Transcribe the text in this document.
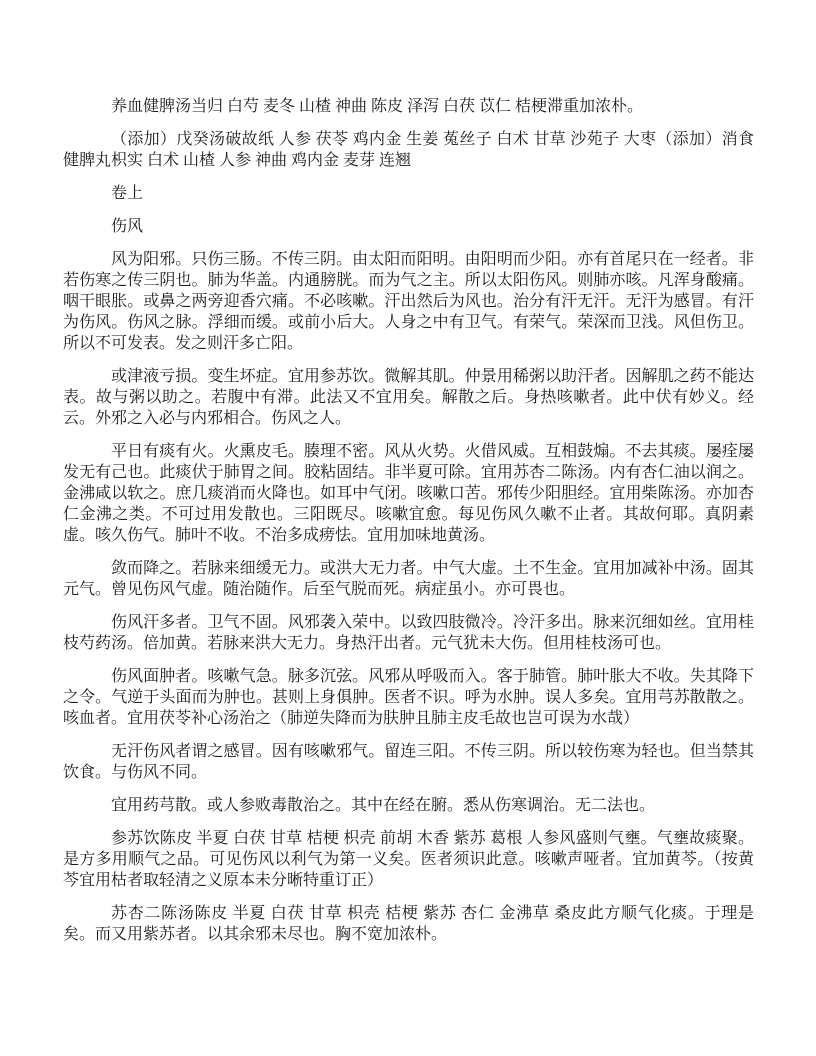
养血健脾汤当归 白芍 麦冬 山楂 神曲 陈皮 泽泻 白茯 苡仁 桔梗滞重加浓朴。

（添加）戊癸汤破故纸 人参 茯苓 鸡内金 生姜 菟丝子 白术 甘草 沙苑子 大枣（添加）消食健脾丸枳实 白术 山楂 人参 神曲 鸡内金 麦芽 连翘

卷上

伤风

风为阳邪。只伤三肠。不传三阴。由太阳而阳明。由阳明而少阳。亦有首尾只在一经者。非若伤寒之传三阴也。肺为华盖。内通膀胱。而为气之主。所以太阳伤风。则肺亦咳。凡浑身酸痛。咽干眼胀。或鼻之两旁迎香穴痛。不必咳嗽。汗出然后为风也。治分有汗无汗。无汗为感冒。有汗为伤风。伤风之脉。浮细而缓。或前小后大。人身之中有卫气。有荣气。荣深而卫浅。风但伤卫。所以不可发表。发之则汗多亡阳。

或津液亏损。变生坏症。宜用参苏饮。微解其肌。仲景用稀粥以助汗者。因解肌之药不能达表。故与粥以助之。若腹中有滞。此法又不宜用矣。解散之后。身热咳嗽者。此中伏有妙义。经云。外邪之入必与内邪相合。伤风之人。

平日有痰有火。火熏皮毛。腠理不密。风从火势。火借风威。互相鼓煽。不去其痰。屡痊屡发无有己也。此痰伏于肺胃之间。胶粘固结。非半夏可除。宜用苏杏二陈汤。内有杏仁油以润之。金沸咸以软之。庶几痰消而火降也。如耳中气闭。咳嗽口苦。邪传少阳胆经。宜用柴陈汤。亦加杏仁金沸之类。不可过用发散也。三阳既尽。咳嗽宜愈。每见伤风久嗽不止者。其故何耶。真阴素虚。咳久伤气。肺叶不收。不治多成痨怯。宜用加味地黄汤。

敛而降之。若脉来细缓无力。或洪大无力者。中气大虚。土不生金。宜用加减补中汤。固其元气。曾见伤风气虚。随治随作。后至气脱而死。病症虽小。亦可畏也。

伤风汗多者。卫气不固。风邪袭入荣中。以致四肢微冷。冷汗多出。脉来沉细如丝。宜用桂枝芍药汤。倍加黄。若脉来洪大无力。身热汗出者。元气犹未大伤。但用桂枝汤可也。

伤风面肿者。咳嗽气急。脉多沉弦。风邪从呼吸而入。客于肺管。肺叶胀大不收。失其降下之令。气逆于头面而为肿也。甚则上身俱肿。医者不识。呼为水肿。误人多矣。宜用芎苏散散之。咳血者。宜用茯苓补心汤治之（肺逆失降而为肤肿且肺主皮毛故也岂可误为水哉）

无汗伤风者谓之感冒。因有咳嗽邪气。留连三阳。不传三阴。所以较伤寒为轻也。但当禁其饮食。与伤风不同。

宜用药芎散。或人参败毒散治之。其中在经在腑。悉从伤寒调治。无二法也。

参苏饮陈皮 半夏 白茯 甘草 桔梗 枳壳 前胡 木香 紫苏 葛根 人参风盛则气壅。气壅故痰聚。是方多用顺气之品。可见伤风以利气为第一义矣。医者须识此意。咳嗽声哑者。宜加黄芩。（按黄芩宜用枯者取轻清之义原本未分晰特重订正）

苏杏二陈汤陈皮 半夏 白茯 甘草 枳壳 桔梗 紫苏 杏仁 金沸草 桑皮此方顺气化痰。于理是矣。而又用紫苏者。以其余邪未尽也。胸不宽加浓朴。
